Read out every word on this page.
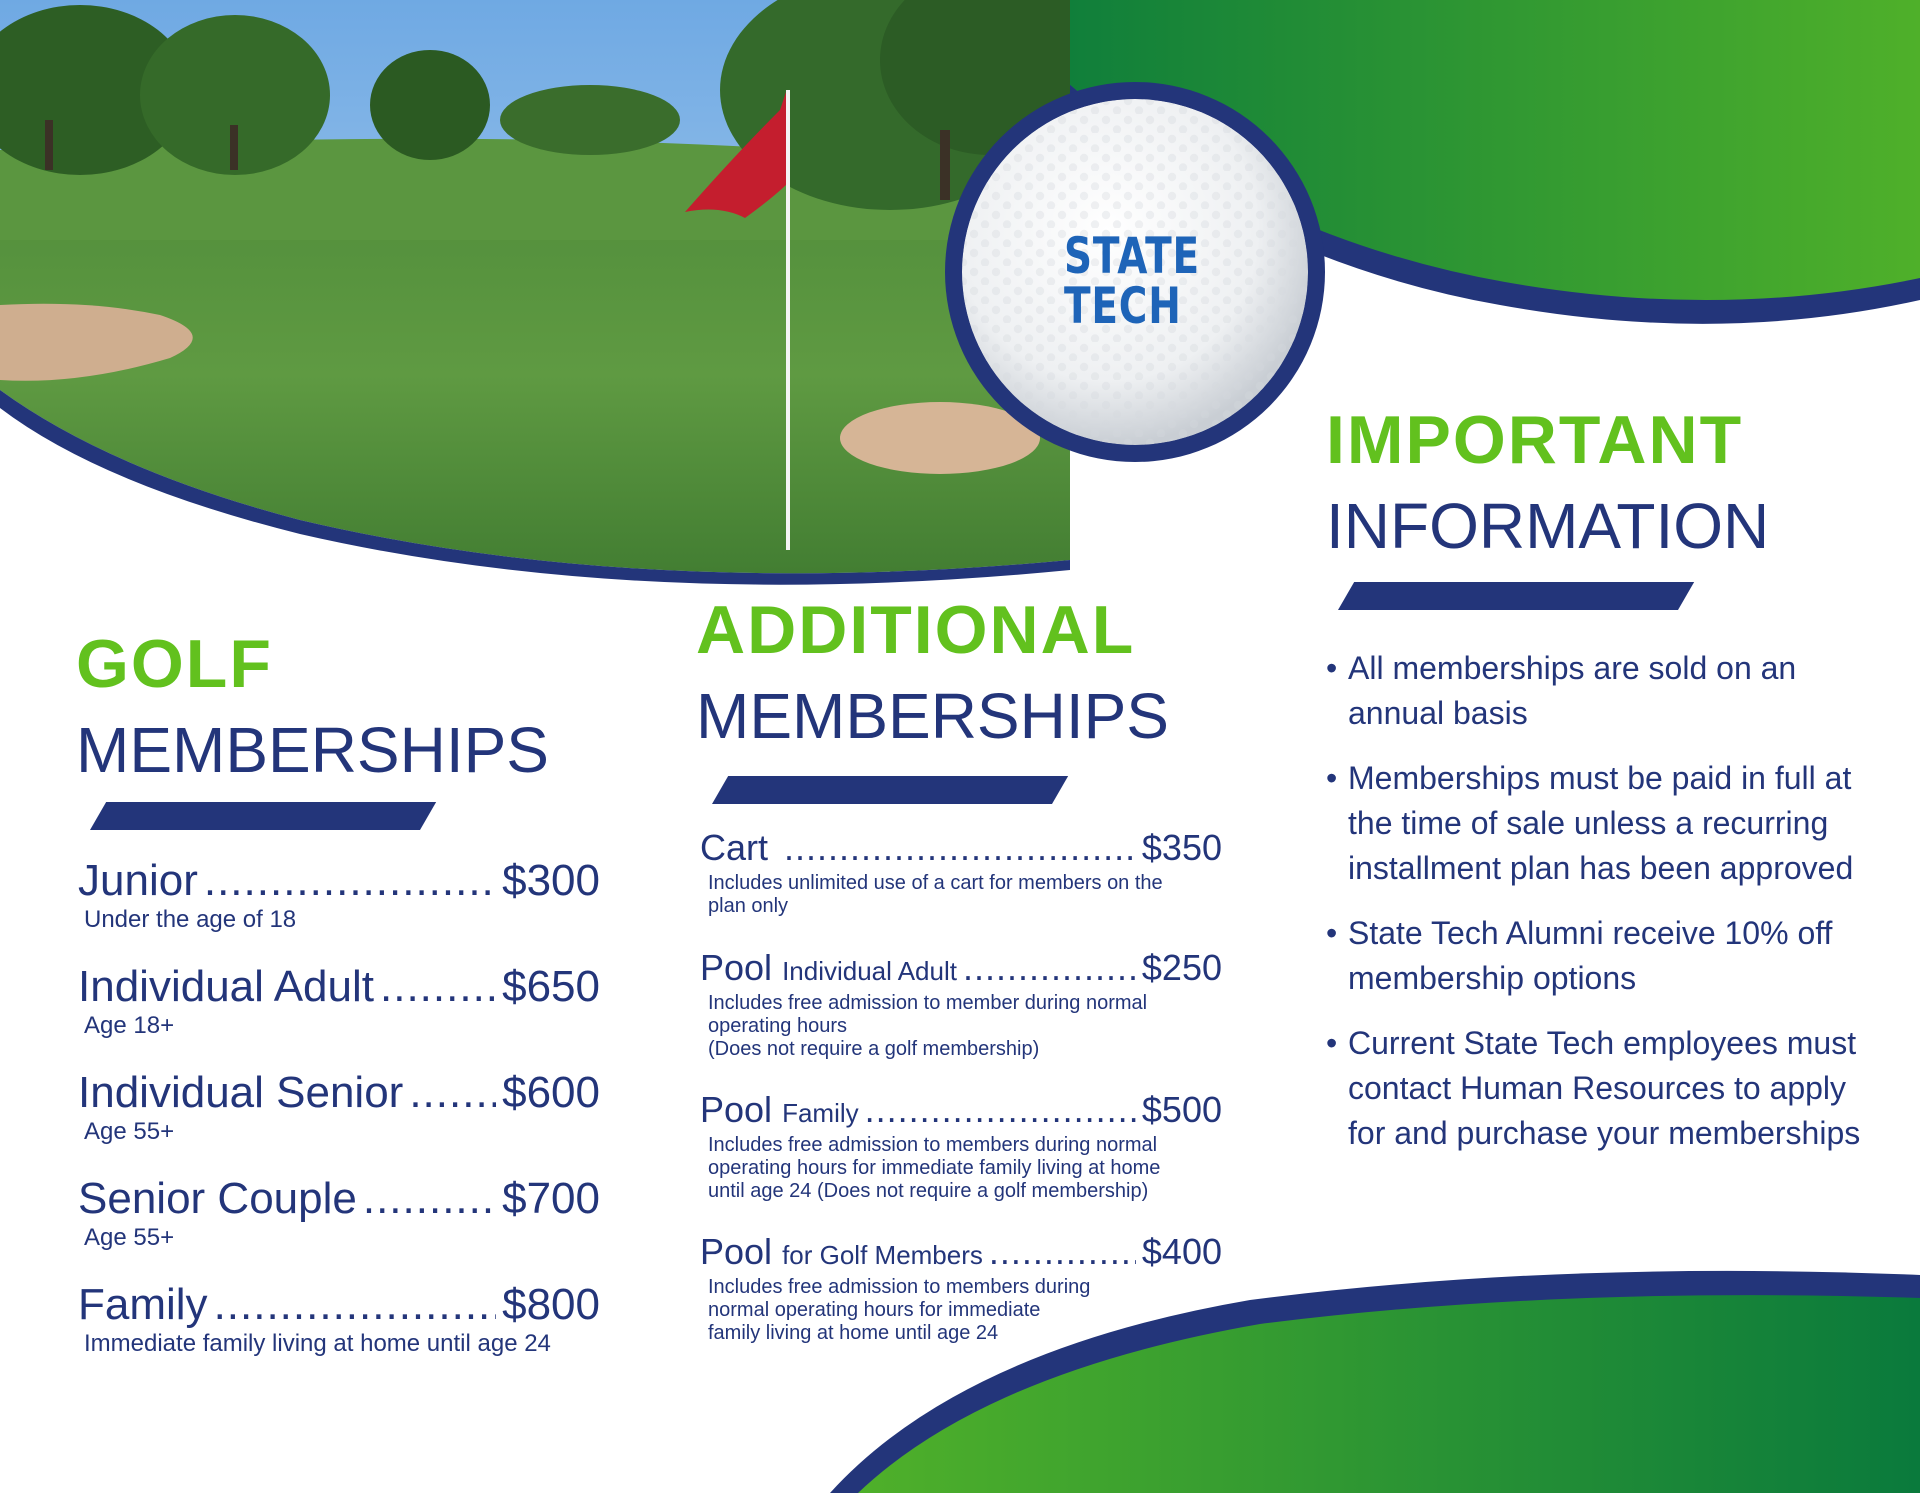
STATE
TECH
GOLF
MEMBERSHIPS
Junior .....	$300
Under the age of 18
Individual Adult .....	$650
Age 18+
Individual Senior ..... $600
Age 55+
Senior Couple .....	$700
Age 55+
Family .....	$800
Immediate family living at home until age 24
ADDITIONAL
MEMBERSHIPS
Cart .....	$350
Includes unlimited use of a cart for members on the
plan only
Pool Individual Adult .....	$250
Includes free admission to member during normal
operating hours
(Does not require a golf membership)
Pool Family .....	$500
Includes free admission to members during normal
operating hours for immediate family living at home
until age 24 (Does not require a golf membership)
Pool for Golf Members .....	$400
Includes free admission to members during
normal operating hours for immediate
family living at home until age 24
IMPORTANT
INFORMATION
• All memberships are sold on an annual basis
• Memberships must be paid in full at the time of sale unless a recurring installment plan has been approved
• State Tech Alumni receive 10% off membership options
• Current State Tech employees must contact Human Resources to apply for and purchase your memberships
